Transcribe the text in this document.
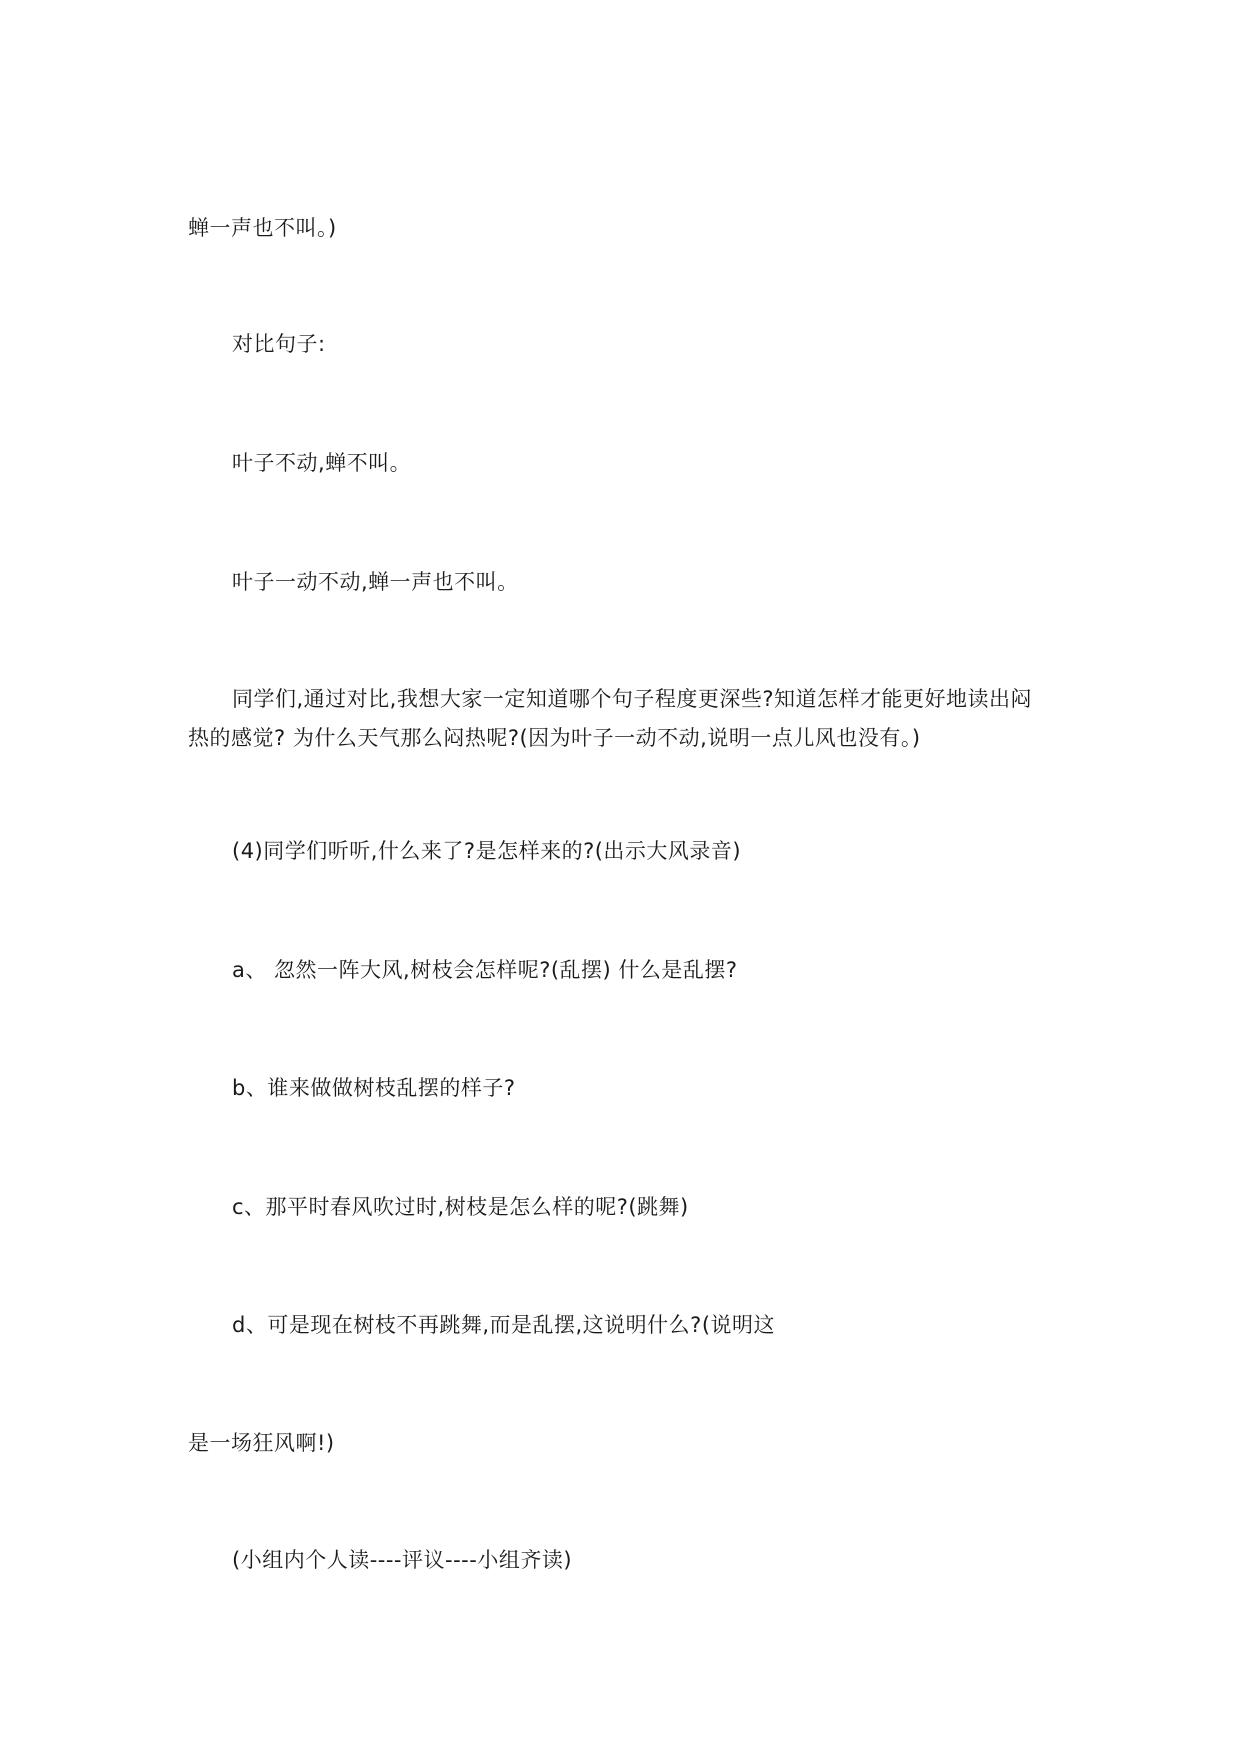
蝉一声也不叫。)
对比句子:
叶子不动,蝉不叫。
叶子一动不动,蝉一声也不叫。
同学们,通过对比,我想大家一定知道哪个句子程度更深些?知道怎样才能更好地读出闷
热的感觉? 为什么天气那么闷热呢?(因为叶子一动不动,说明一点儿风也没有。)
(4)同学们听听,什么来了?是怎样来的?(出示大风录音)
a、 忽然一阵大风,树枝会怎样呢?(乱摆) 什么是乱摆?
b、谁来做做树枝乱摆的样子?
c、那平时春风吹过时,树枝是怎么样的呢?(跳舞)
d、可是现在树枝不再跳舞,而是乱摆,这说明什么?(说明这
是一场狂风啊!)
(小组内个人读----评议----小组齐读)
